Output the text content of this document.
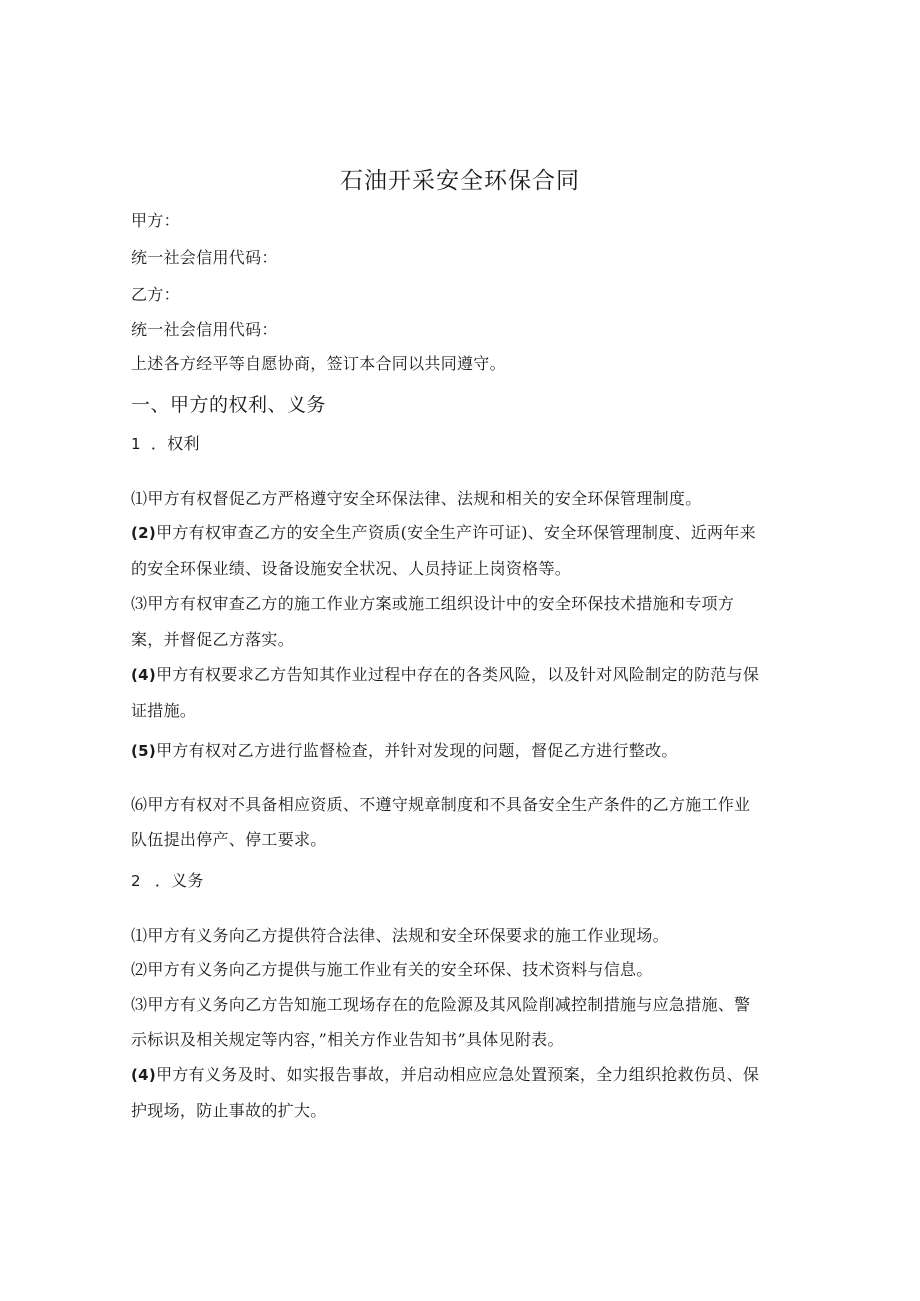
石油开采安全环保合同
甲方：
统一社会信用代码：
乙方：
统一社会信用代码：
上述各方经平等自愿协商，签订本合同以共同遵守。
一、甲方的权利、义务
1 ．权利
⑴甲方有权督促乙方严格遵守安全环保法律、法规和相关的安全环保管理制度。
(2)甲方有权审查乙方的安全生产资质(安全生产许可证)、安全环保管理制度、近两年来
的安全环保业绩、设备设施安全状况、人员持证上岗资格等。
⑶甲方有权审查乙方的施工作业方案或施工组织设计中的安全环保技术措施和专项方
案，并督促乙方落实。
(4)甲方有权要求乙方告知其作业过程中存在的各类风险，以及针对风险制定的防范与保
证措施。
(5)甲方有权对乙方进行监督检查，并针对发现的问题，督促乙方进行整改。
⑹甲方有权对不具备相应资质、不遵守规章制度和不具备安全生产条件的乙方施工作业
队伍提出停产、停工要求。
2 ．义务
⑴甲方有义务向乙方提供符合法律、法规和安全环保要求的施工作业现场。
⑵甲方有义务向乙方提供与施工作业有关的安全环保、技术资料与信息。
⑶甲方有义务向乙方告知施工现场存在的危险源及其风险削减控制措施与应急措施、警
示标识及相关规定等内容，”相关方作业告知书”具体见附表。
(4)甲方有义务及时、如实报告事故，并启动相应应急处置预案，全力组织抢救伤员、保
护现场，防止事故的扩大。
